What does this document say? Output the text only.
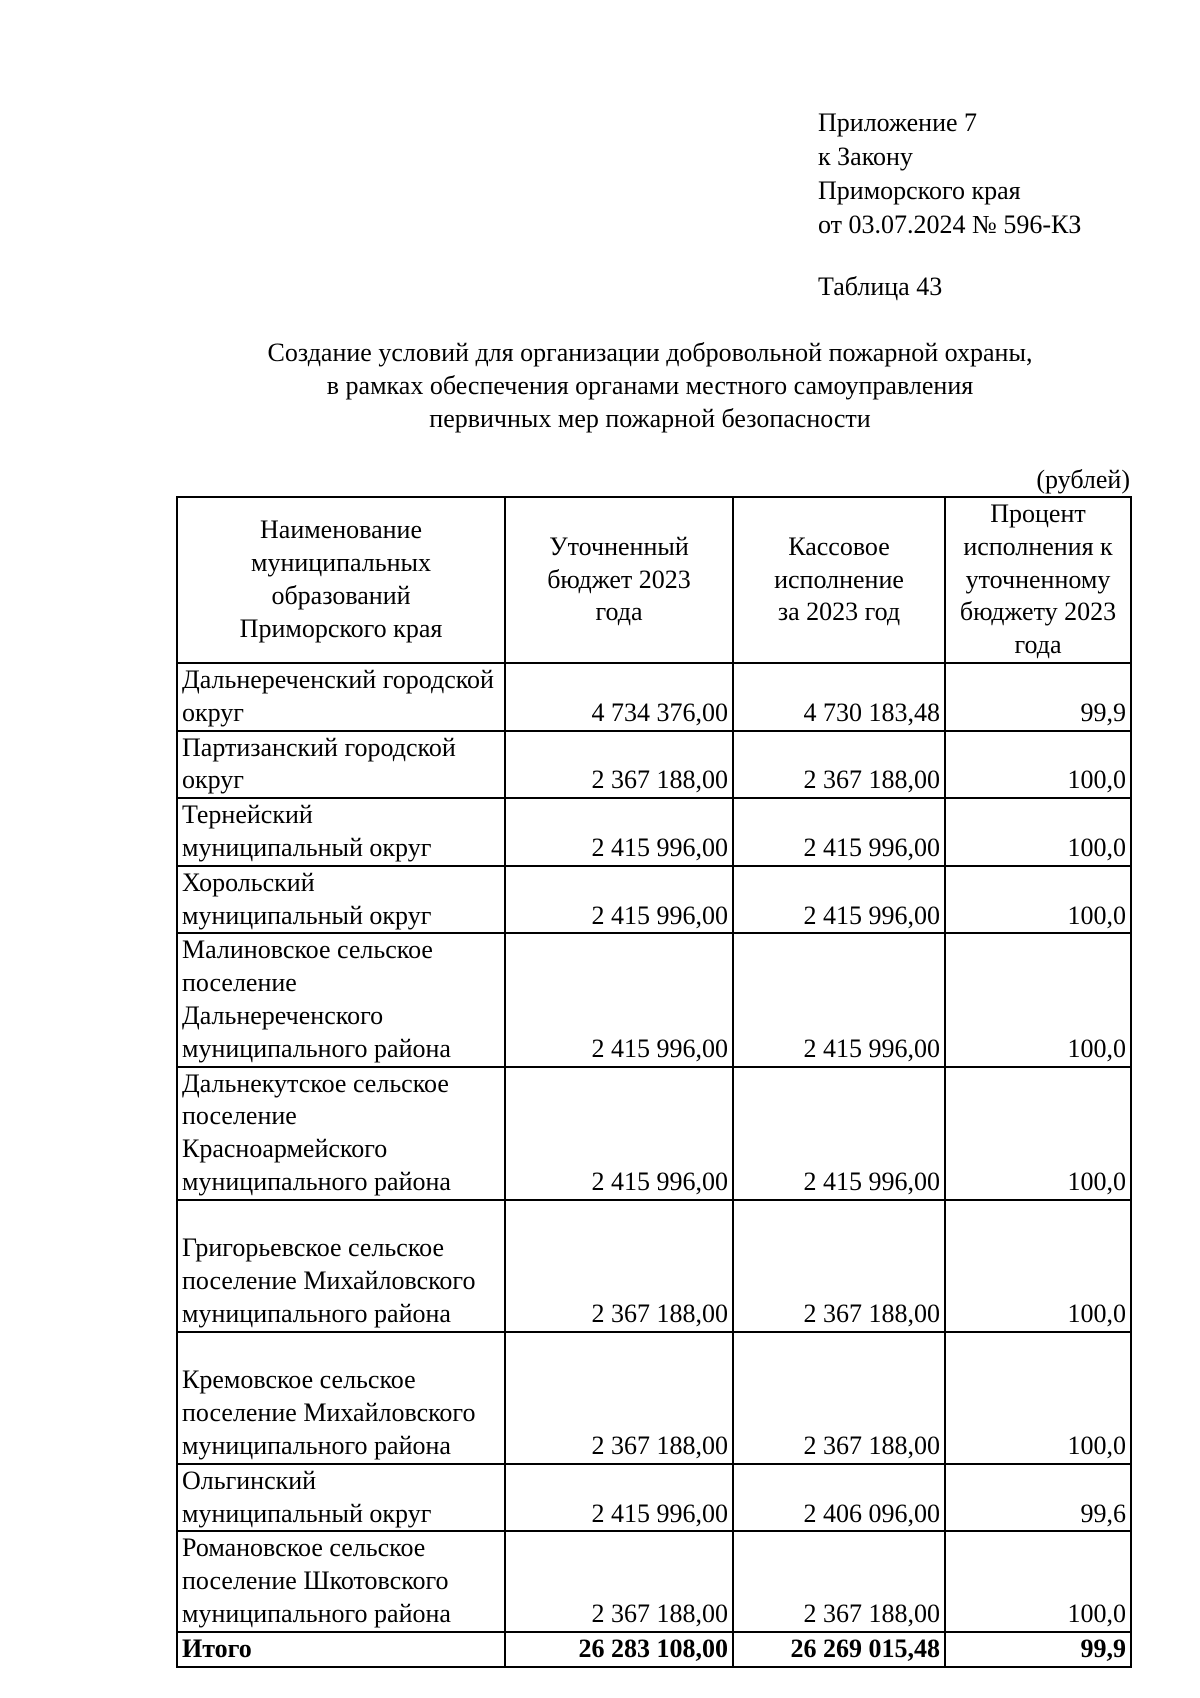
Приложение 7
к Закону
Приморского края
от 03.07.2024 № 596-КЗ
Таблица 43
Создание условий для организации добровольной пожарной охраны,
в рамках обеспечения органами местного самоуправления
первичных мер пожарной безопасности
(рублей)
Наименование муниципальных образований Приморского края	Уточненный бюджет 2023 года	Кассовое исполнение за 2023 год	Процент исполнения к уточненному бюджету 2023 года
Дальнереченский городской округ	4 734 376,00	4 730 183,48	99,9
Партизанский городской округ	2 367 188,00	2 367 188,00	100,0
Тернейский муниципальный округ	2 415 996,00	2 415 996,00	100,0
Хорольский муниципальный округ	2 415 996,00	2 415 996,00	100,0
Малиновское сельское поселение Дальнереченского муниципального района	2 415 996,00	2 415 996,00	100,0
Дальнекутское сельское поселение Красноармейского муниципального района	2 415 996,00	2 415 996,00	100,0
Григорьевское сельское поселение Михайловского муниципального района	2 367 188,00	2 367 188,00	100,0
Кремовское сельское поселение Михайловского муниципального района	2 367 188,00	2 367 188,00	100,0
Ольгинский муниципальный округ	2 415 996,00	2 406 096,00	99,6
Романовское сельское поселение Шкотовского муниципального района	2 367 188,00	2 367 188,00	100,0
Итого	26 283 108,00	26 269 015,48	99,9
